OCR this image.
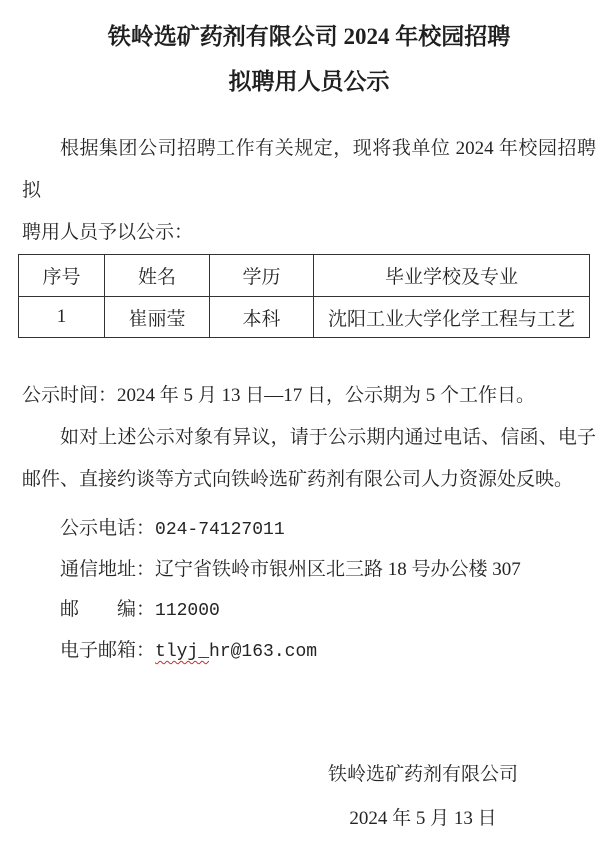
铁岭选矿药剂有限公司 2024 年校园招聘
拟聘用人员公示

根据集团公司招聘工作有关规定，现将我单位 2024 年校园招聘拟
聘用人员予以公示：

序号	姓名	学历	毕业学校及专业
1	崔丽莹	本科	沈阳工业大学化学工程与工艺

公示时间：2024 年 5 月 13 日—17 日，公示期为 5 个工作日。

如对上述公示对象有异议，请于公示期内通过电话、信函、电子
邮件、直接约谈等方式向铁岭选矿药剂有限公司人力资源处反映。

公示电话：024-74127011

通信地址：辽宁省铁岭市银州区北三路 18 号办公楼 307

邮　　编：112000

电子邮箱：tlyj_hr@163.com

铁岭选矿药剂有限公司

2024 年 5 月 13 日
